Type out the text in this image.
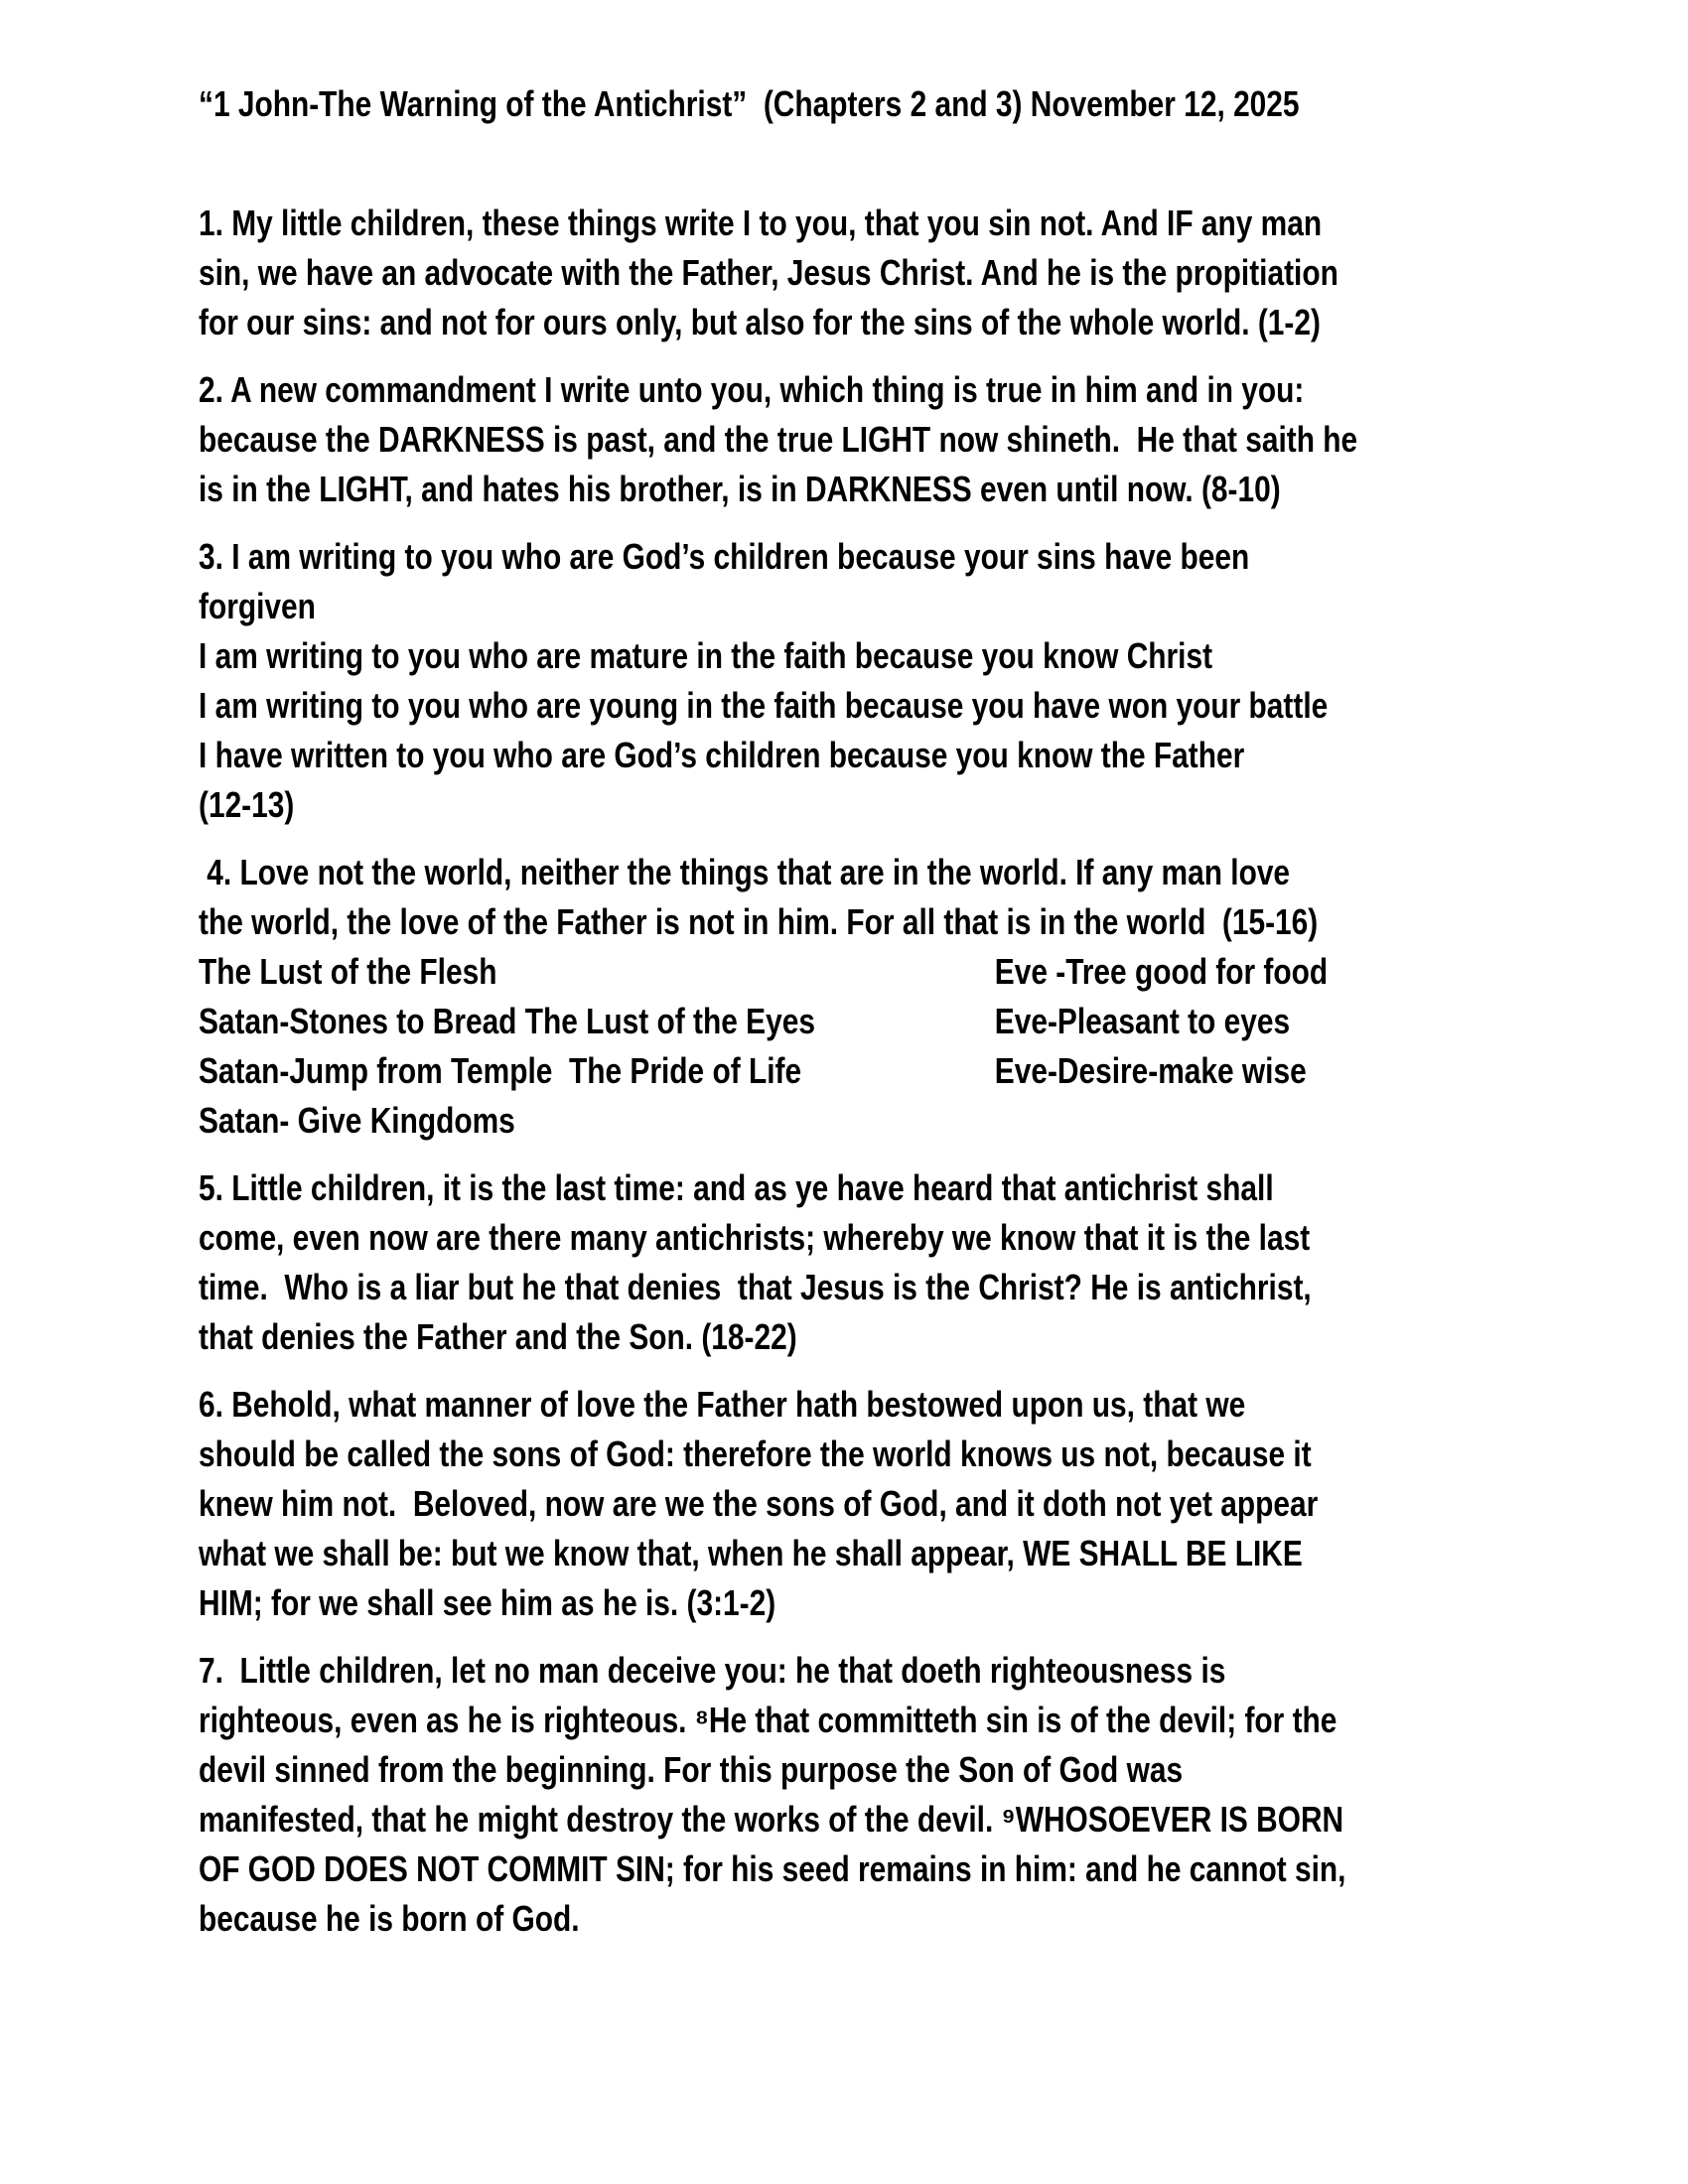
“1 John-The Warning of the Antichrist”  (Chapters 2 and 3) November 12, 2025
1. My little children, these things write I to you, that you sin not. And IF any man
sin, we have an advocate with the Father, Jesus Christ. And he is the propitiation
for our sins: and not for ours only, but also for the sins of the whole world. (1-2)
2. A new commandment I write unto you, which thing is true in him and in you:
because the DARKNESS is past, and the true LIGHT now shineth.  He that saith he
is in the LIGHT, and hates his brother, is in DARKNESS even until now. (8-10)
3. I am writing to you who are God’s children because your sins have been
forgiven
I am writing to you who are mature in the faith because you know Christ
I am writing to you who are young in the faith because you have won your battle
I have written to you who are God’s children because you know the Father
(12-13)
4. Love not the world, neither the things that are in the world. If any man love
the world, the love of the Father is not in him. For all that is in the world  (15-16)
The Lust of the Flesh	Eve -Tree good for food
Satan-Stones to Bread The Lust of the Eyes	Eve-Pleasant to eyes
Satan-Jump from Temple  The Pride of Life	Eve-Desire-make wise
Satan- Give Kingdoms
5. Little children, it is the last time: and as ye have heard that antichrist shall
come, even now are there many antichrists; whereby we know that it is the last
time.  Who is a liar but he that denies  that Jesus is the Christ? He is antichrist,
that denies the Father and the Son. (18-22)
6. Behold, what manner of love the Father hath bestowed upon us, that we
should be called the sons of God: therefore the world knows us not, because it
knew him not.  Beloved, now are we the sons of God, and it doth not yet appear
what we shall be: but we know that, when he shall appear, WE SHALL BE LIKE
HIM; for we shall see him as he is. (3:1-2)
7.  Little children, let no man deceive you: he that doeth righteousness is
righteous, even as he is righteous. ⁸He that committeth sin is of the devil; for the
devil sinned from the beginning. For this purpose the Son of God was
manifested, that he might destroy the works of the devil. ⁹WHOSOEVER IS BORN
OF GOD DOES NOT COMMIT SIN; for his seed remains in him: and he cannot sin,
because he is born of God.
